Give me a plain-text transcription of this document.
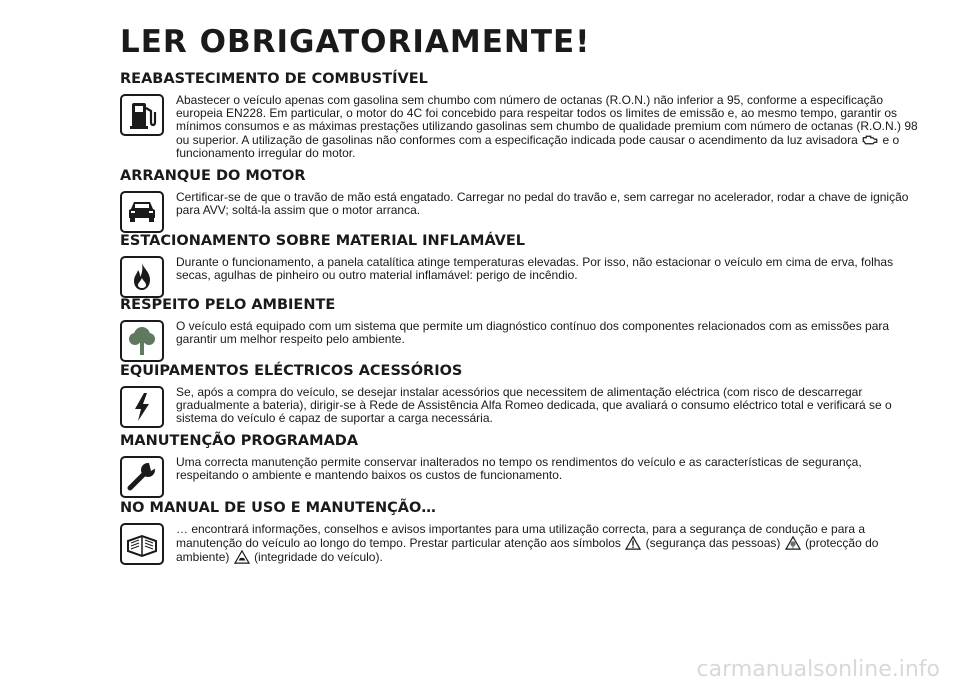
LER OBRIGATORIAMENTE!
REABASTECIMENTO DE COMBUSTÍVEL
Abastecer o veículo apenas com gasolina sem chumbo com número de octanas (R.O.N.) não inferior a 95, conforme a especificação europeia EN228. Em particular, o motor do 4C foi concebido para respeitar todos os limites de emissão e, ao mesmo tempo, garantir os mínimos consumos e as máximas prestações utilizando gasolinas sem chumbo de qualidade premium com número de octanas (R.O.N.) 98 ou superior. A utilização de gasolinas não conformes com a especificação indicada pode causar o acendimento da luz avisadora e o funcionamento irregular do motor.
ARRANQUE DO MOTOR
Certificar-se de que o travão de mão está engatado. Carregar no pedal do travão e, sem carregar no acelerador, rodar a chave de ignição para AVV; soltá-la assim que o motor arranca.
ESTACIONAMENTO SOBRE MATERIAL INFLAMÁVEL
Durante o funcionamento, a panela catalítica atinge temperaturas elevadas. Por isso, não estacionar o veículo em cima de erva, folhas secas, agulhas de pinheiro ou outro material inflamável: perigo de incêndio.
RESPEITO PELO AMBIENTE
O veículo está equipado com um sistema que permite um diagnóstico contínuo dos componentes relacionados com as emissões para garantir um melhor respeito pelo ambiente.
EQUIPAMENTOS ELÉCTRICOS ACESSÓRIOS
Se, após a compra do veículo, se desejar instalar acessórios que necessitem de alimentação eléctrica (com risco de descarregar gradualmente a bateria), dirigir-se à Rede de Assistência Alfa Romeo dedicada, que avaliará o consumo eléctrico total e verificará se o sistema do veículo é capaz de suportar a carga necessária.
MANUTENÇÃO PROGRAMADA
Uma correcta manutenção permite conservar inalterados no tempo os rendimentos do veículo e as características de segurança, respeitando o ambiente e mantendo baixos os custos de funcionamento.
NO MANUAL DE USO E MANUTENÇÃO…
… encontrará informações, conselhos e avisos importantes para uma utilização correcta, para a segurança de condução e para a manutenção do veículo ao longo do tempo. Prestar particular atenção aos símbolos (segurança das pessoas) (protecção do ambiente) (integridade do veículo).
carmanualsonline.info
